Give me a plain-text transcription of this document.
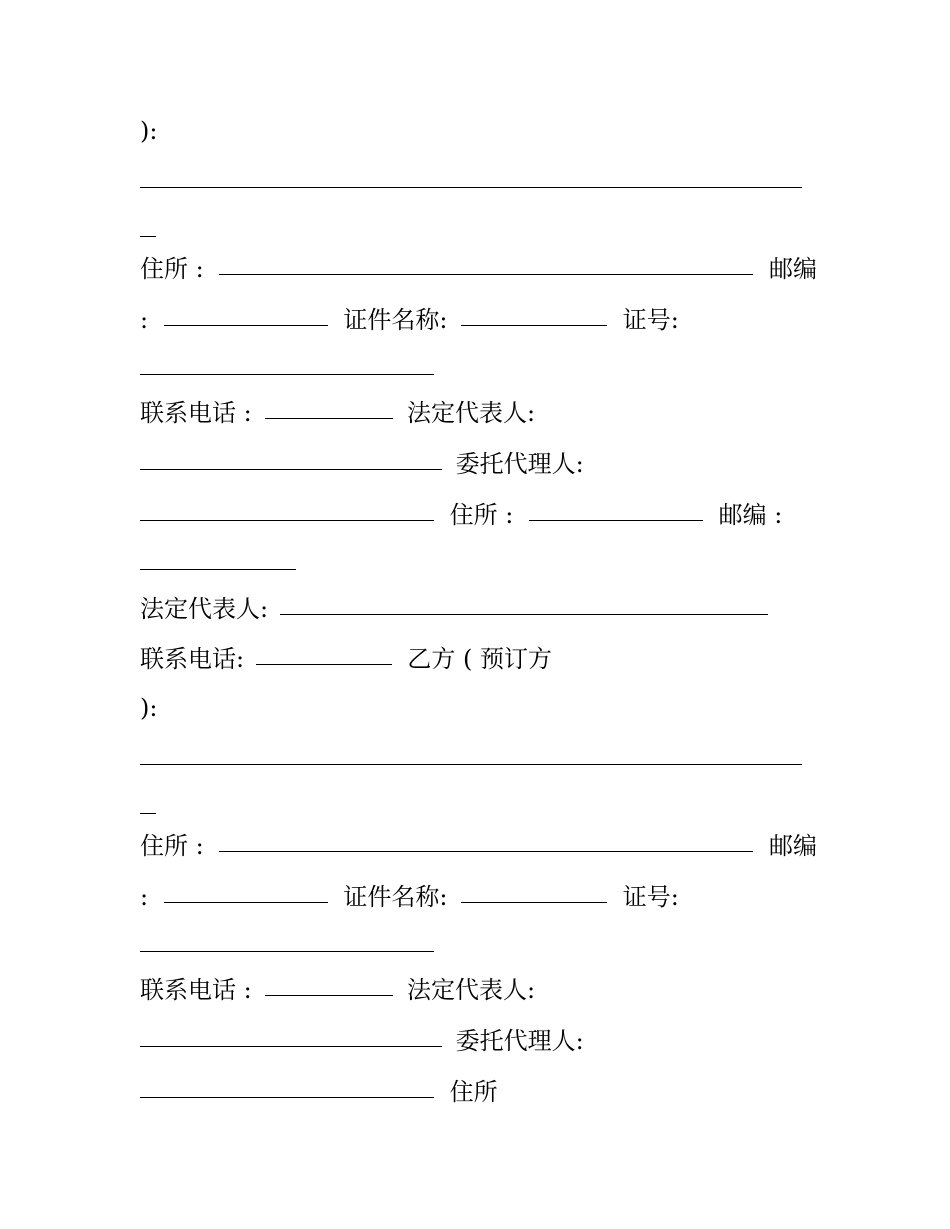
):
住所 :	邮编
:	证件名称:	证号:
联系电话 :	法定代表人:
委托代理人:
住所 :	邮编 :
法定代表人:
联系电话:	乙方 ( 预订方
):
住所 :	邮编
:	证件名称:	证号:
联系电话 :	法定代表人:
委托代理人:
住所
